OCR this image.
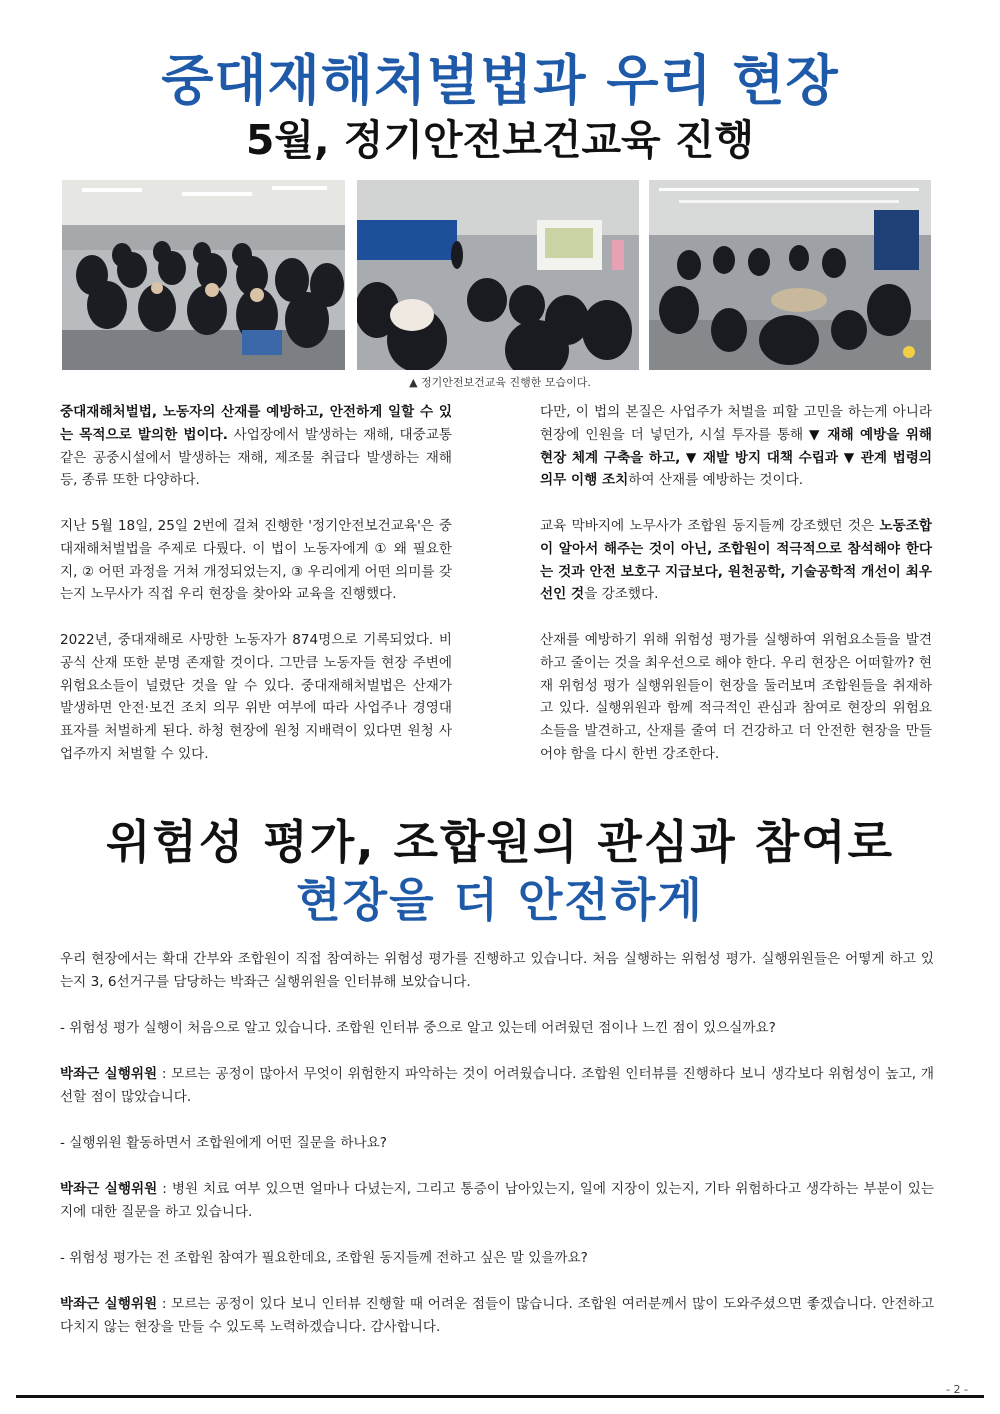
중대재해처벌법과 우리 현장
5월, 정기안전보건교육 진행
▲ 정기안전보건교육 진행한 모습이다.

중대재해처벌법, 노동자의 산재를 예방하고, 안전하게 일할 수 있는 목적으로 발의한 법이다. 사업장에서 발생하는 재해, 대중교통 같은 공중시설에서 발생하는 재해, 제조물 취급다 발생하는 재해 등, 종류 또한 다양하다.

지난 5월 18일, 25일 2번에 걸쳐 진행한 '정기안전보건교육'은 중대재해처벌법을 주제로 다뤘다. 이 법이 노동자에게 ① 왜 필요한지, ② 어떤 과정을 거쳐 개정되었는지, ③ 우리에게 어떤 의미를 갖는지 노무사가 직접 우리 현장을 찾아와 교육을 진행했다.

2022년, 중대재해로 사망한 노동자가 874명으로 기록되었다. 비공식 산재 또한 분명 존재할 것이다. 그만큼 노동자들 현장 주변에 위험요소들이 널렸단 것을 알 수 있다. 중대재해처벌법은 산재가 발생하면 안전·보건 조치 의무 위반 여부에 따라 사업주나 경영대표자를 처벌하게 된다. 하청 현장에 원청 지배력이 있다면 원청 사업주까지 처벌할 수 있다.

다만, 이 법의 본질은 사업주가 처벌을 피할 고민을 하는게 아니라 현장에 인원을 더 넣던가, 시설 투자를 통해 ▼ 재해 예방을 위해 현장 체계 구축을 하고, ▼ 재발 방지 대책 수립과 ▼ 관계 법령의 의무 이행 조치하여 산재를 예방하는 것이다.

교육 막바지에 노무사가 조합원 동지들께 강조했던 것은 노동조합이 알아서 해주는 것이 아닌, 조합원이 적극적으로 참석해야 한다는 것과 안전 보호구 지급보다, 원천공학, 기술공학적 개선이 최우선인 것을 강조했다.

산재를 예방하기 위해 위험성 평가를 실행하여 위험요소들을 발견하고 줄이는 것을 최우선으로 해야 한다. 우리 현장은 어떠할까? 현재 위험성 평가 실행위원들이 현장을 둘러보며 조합원들을 취재하고 있다. 실행위원과 함께 적극적인 관심과 참여로 현장의 위험요소들을 발견하고, 산재를 줄여 더 건강하고 더 안전한 현장을 만들어야 함을 다시 한번 강조한다.

위험성 평가, 조합원의 관심과 참여로
현장을 더 안전하게

우리 현장에서는 확대 간부와 조합원이 직접 참여하는 위험성 평가를 진행하고 있습니다. 처음 실행하는 위험성 평가. 실행위원들은 어떻게 하고 있는지 3, 6선거구를 담당하는 박좌근 실행위원을 인터뷰해 보았습니다.

- 위험성 평가 실행이 처음으로 알고 있습니다. 조합원 인터뷰 중으로 알고 있는데 어려웠던 점이나 느낀 점이 있으실까요?

박좌근 실행위원 : 모르는 공정이 많아서 무엇이 위험한지 파악하는 것이 어려웠습니다. 조합원 인터뷰를 진행하다 보니 생각보다 위험성이 높고, 개선할 점이 많았습니다.

- 실행위원 활동하면서 조합원에게 어떤 질문을 하나요?

박좌근 실행위원 : 병원 치료 여부 있으면 얼마나 다녔는지, 그리고 통증이 남아있는지, 일에 지장이 있는지, 기타 위험하다고 생각하는 부분이 있는지에 대한 질문을 하고 있습니다.

- 위험성 평가는 전 조합원 참여가 필요한데요, 조합원 동지들께 전하고 싶은 말 있을까요?

박좌근 실행위원 : 모르는 공정이 있다 보니 인터뷰 진행할 때 어려운 점들이 많습니다. 조합원 여러분께서 많이 도와주셨으면 좋겠습니다. 안전하고 다치지 않는 현장을 만들 수 있도록 노력하겠습니다. 감사합니다.

- 2 -
